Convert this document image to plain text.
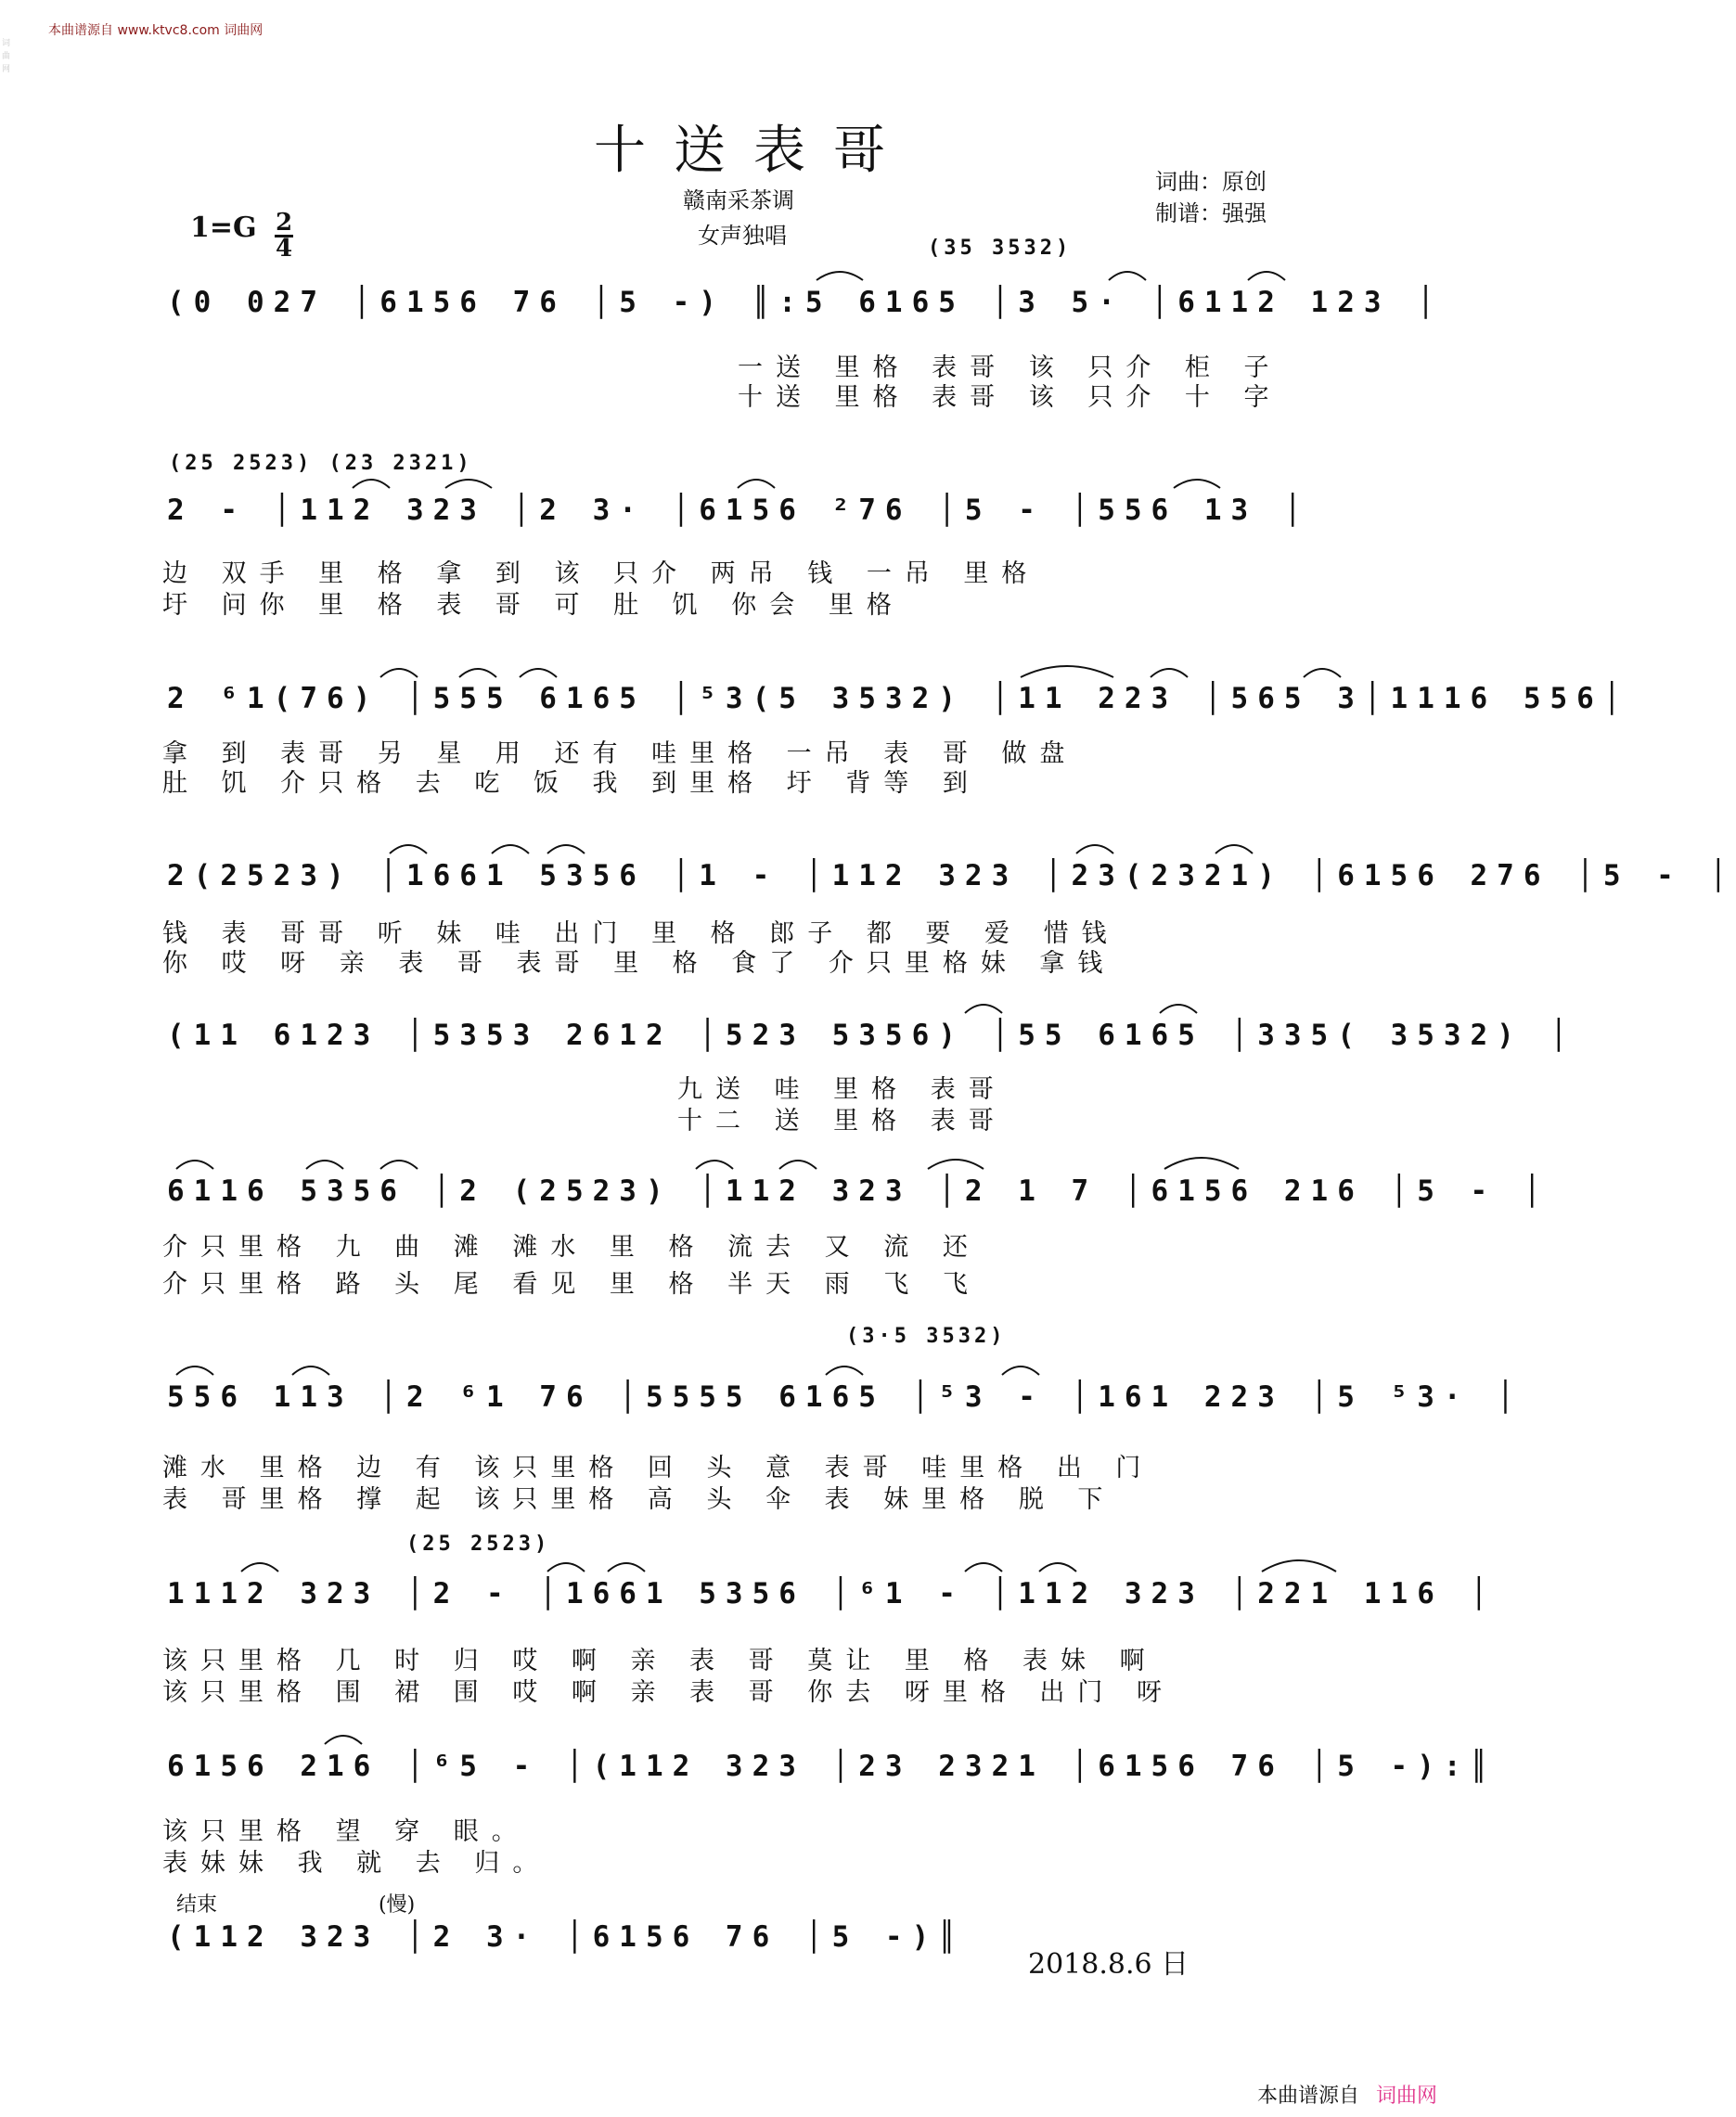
本曲谱源自 www.ktvc8.com 词曲网
词曲网
十送表哥
赣南采茶调
女声独唱
词曲：原创
制谱：强强
1=G 2
4	(35 3532)
(0 027 │6156 76 │5 -) ║:5 6165 │3 5· │6112 123 │
一送 里格 表哥 该 只介 柜 子
十送 里格 表哥 该 只介 十 字
(25 2523) (23 2321)
2 - │112 323 │2 3· │6156 ²76 │5 - │556 13 │
边 双手 里 格 拿 到 该 只介 两吊 钱 一吊 里格
圩 问你 里 格 表 哥 可 肚 饥 你会 里格
2 ⁶1(76) │555 6165 │⁵3(5 3532) │11 223 │565 3│1116 556│
拿 到 表哥 另 星 用 还有 哇里格 一吊 表 哥 做盘
肚 饥 介只格 去 吃 饭 我 到里格 圩 背等 到
2(2523) │1661 5356 │1 - │112 323 │23(2321) │6156 276 │5 - │
钱 表 哥哥 听 妹 哇 出门 里 格 郎子 都 要 爱 惜钱
你 哎 呀 亲 表 哥 表哥 里 格 食了 介只里格妹 拿钱
(11 6123 │5353 2612 │523 5356) │55 6165 │335( 3532) │
九送 哇 里格 表哥
十二 送 里格 表哥
6116 5356 │2 (2523) │112 323 │2 1 7 │6156 216 │5 - │
介只里格 九 曲 滩 滩水 里 格 流去 又 流 还
介只里格 路 头 尾 看见 里 格 半天 雨 飞 飞
(3·5 3532)
556 113 │2 ⁶1 76 │5555 6165 │⁵3 - │161 223 │5 ⁵3· │
滩水 里格 边 有 该只里格 回 头 意 表哥 哇里格 出 门
表 哥里格 撑 起 该只里格 高 头 伞 表 妹里格 脱 下
(25 2523)
1112 323 │2 - │1661 5356 │⁶1 - │112 323 │221 116 │
该只里格 几 时 归 哎 啊 亲 表 哥 莫让 里 格 表妹 啊
该只里格 围 裙 围 哎 啊 亲 表 哥 你去 呀里格 出门 呀
6156 216 │⁶5 - │(112 323 │23 2321 │6156 76 │5 -):║
该只里格 望 穿 眼。
表妹妹 我 就 去 归。
结束	(慢)
(112 323 │2 3· │6156 76 │5 -)║
2018.8.6 日
本曲谱源自 词曲网
